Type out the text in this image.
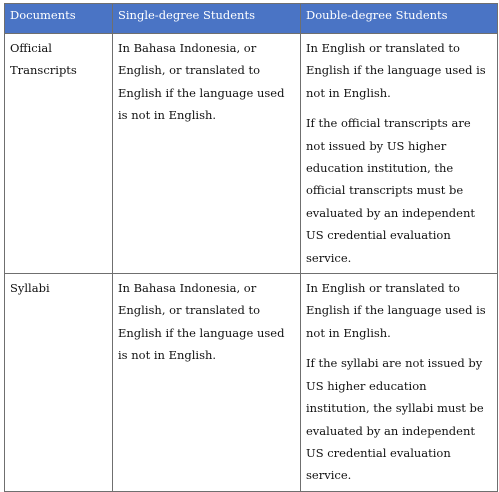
Documents	Single-degree Students	Double-degree Students
Official Transcripts	In Bahasa Indonesia, or English, or translated to English if the language used is not in English.	In English or translated to English if the language used is not in English.

If the official transcripts are not issued by US higher education institution, the official transcripts must be evaluated by an independent US credential evaluation service.

Syllabi	In Bahasa Indonesia, or English, or translated to English if the language used is not in English.	In English or translated to English if the language used is not in English.

If the syllabi are not issued by US higher education institution, the syllabi must be evaluated by an independent US credential evaluation service.
